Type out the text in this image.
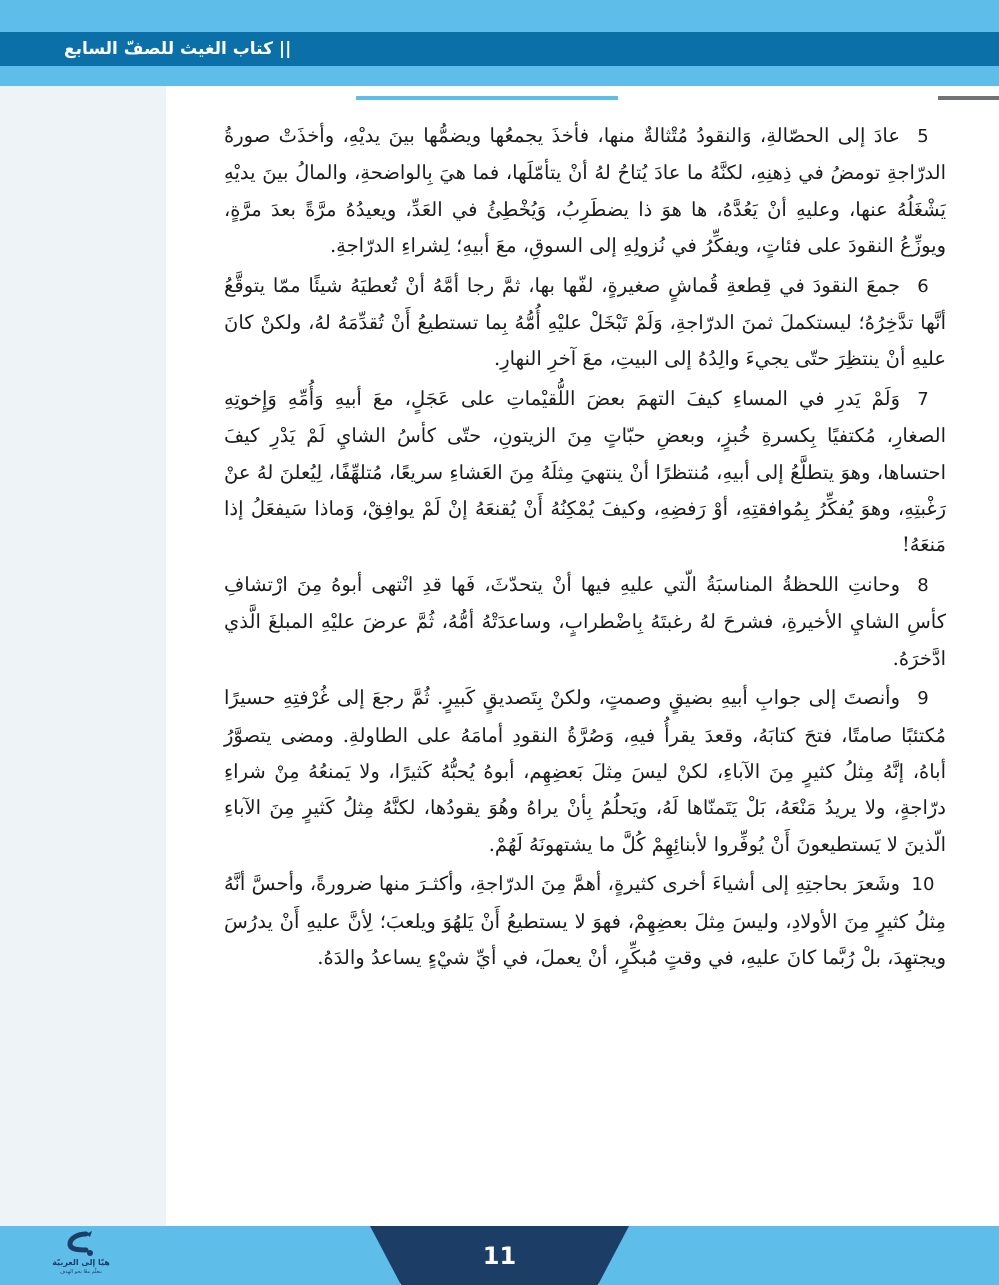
|| كتاب الغيث للصفّ السابع

5عادَ إلى الحصّالةِ، وَالنقودُ مُتْثالةٌ منها، فأخذَ يجمعُها ويضمُّها بينَ يديْهِ، وأخذَتْ صورةُ الدرّاجةِ تومضُ في ذِهنِهِ، لكنَّهُ ما عادَ يُتاحُ لهُ أنْ يتأمّلَها، فما هيَ بِالواضحةِ، والمالُ بينَ يديْهِ يَشْغَلُهُ عنها، وعليهِ أنْ يَعُدَّهُ، ها هوَ ذا يضطَرِبُ، وَيُخْطِئُ في العَدِّ، ويعيدُهُ مرَّةً بعدَ مرَّةٍ، ويوزِّعُ النقودَ على فئاتٍ، ويفكِّرُ في نُزولِهِ إلى السوقِ، معَ أبيهِ؛ لِشراءِ الدرّاجةِ.

6جمعَ النقودَ في قِطعةِ قُماشٍ صغيرةٍ، لفّها بها، ثمَّ رجا أمَّهُ أنْ تُعطيَهُ شيئًا ممّا يتوقَّعُ أنَّها تدَّخِرُهُ؛ ليستكملَ ثمنَ الدرّاجةِ، وَلَمْ تَبْخَلْ عليْهِ أُمُّهُ بِما تستطيعُ أَنْ تُقدِّمَهُ لهُ، ولكنْ كانَ عليهِ أنْ ينتظِرَ حتّى يجيءَ والِدُهُ إلى البيتِ، معَ آخرِ النهارِ.

7وَلَمْ يَدرِ في المساءِ كيفَ التهمَ بعضَ اللُّقيْماتِ على عَجَلٍ، معَ أبيهِ وَأُمِّهِ وَإِخوتِهِ الصغارِ، مُكتفيًا بِكسرةِ خُبزٍ، وبعضِ حبّاتٍ مِنَ الزيتونِ، حتّى كأسُ الشايِ لَمْ يَدْرِ كيفَ احتساها، وهوَ يتطلَّعُ إلى أبيهِ، مُنتظرًا أنْ ينتهيَ مِثلَهُ مِنَ العَشاءِ سريعًا، مُتلهِّفًا، لِيُعلنَ لهُ عنْ رَغْبتِهِ، وهوَ يُفكِّرُ بِمُوافقتِهِ، أوْ رَفضِهِ، وكيفَ يُمْكِنُهُ أَنْ يُقنعَهُ إنْ لَمْ يوافِقْ، وَماذا سَيفعَلُ إذا مَنعَهُ!

8وحانتِ اللحظةُ المناسبَةُ الّتي عليهِ فيها أنْ يتحدّثَ، فَها قدِ انْتهى أبوهُ مِنَ ارْتشافِ كأسِ الشايِ الأخيرةِ، فشرحَ لهُ رغبتَهُ بِاضْطرابٍ، وساعدَتْهُ أمُّهُ، ثُمَّ عرضَ عليْهِ المبلغَ الَّذي ادَّخرَهُ.

9وأنصتَ إلى جوابِ أبيهِ بضيقٍ وصمتٍ، ولكنْ بِتَصديقٍ كَبيرٍ. ثُمَّ رجعَ إلى غُرْفتِهِ حسيرًا مُكتئبًا صامتًا، فتحَ كتابَهُ، وقعدَ يقرأُ فيهِ، وَصُرَّةُ النقودِ أمامَهُ على الطاولةِ. ومضى يتصوَّرُ أباهُ، إنَّهُ مِثلُ كثيرٍ مِنَ الآباءِ، لكنْ ليسَ مِثلَ بَعضِهِم، أبوهُ يُحبُّهُ كَثيرًا، ولا يَمنعُهُ مِنْ شراءِ درّاجةٍ، ولا يريدُ مَنْعَهُ، بَلْ يَتَمنّاها لَهُ، ويَحلُمُ بِأنْ يراهُ وهُوَ يقودُها، لكنَّهُ مِثلُ كَثيرٍ مِنَ الآباءِ الّذينَ لا يَستطيعونَ أَنْ يُوفِّروا لأبنائِهِمْ كُلَّ ما يشتهونَهُ لَهُمْ.

10وشَعرَ بحاجتِهِ إلى أشياءَ أخرى كثيرةٍ، أهمَّ مِنَ الدرّاجةِ، وأكثـرَ منها ضرورةً، وأحسَّ أنَّهُ مِثلُ كثيرٍ مِنَ الأولادِ، وليسَ مِثلَ بعضِهِمْ، فهوَ لا يستطيعُ أَنْ يَلهُوَ ويلعبَ؛ لِأنَّ عليهِ أَنْ يدرُسَ ويجتهِدَ، بلْ رُبَّما كانَ عليهِ، في وقتٍ مُبكِّرٍ، أنْ يعملَ، في أيِّ شيْءٍ يساعدُ والدَهُ.

11
هيّا إلى العربيّة
نتعلّم معًا نحو الهدف
